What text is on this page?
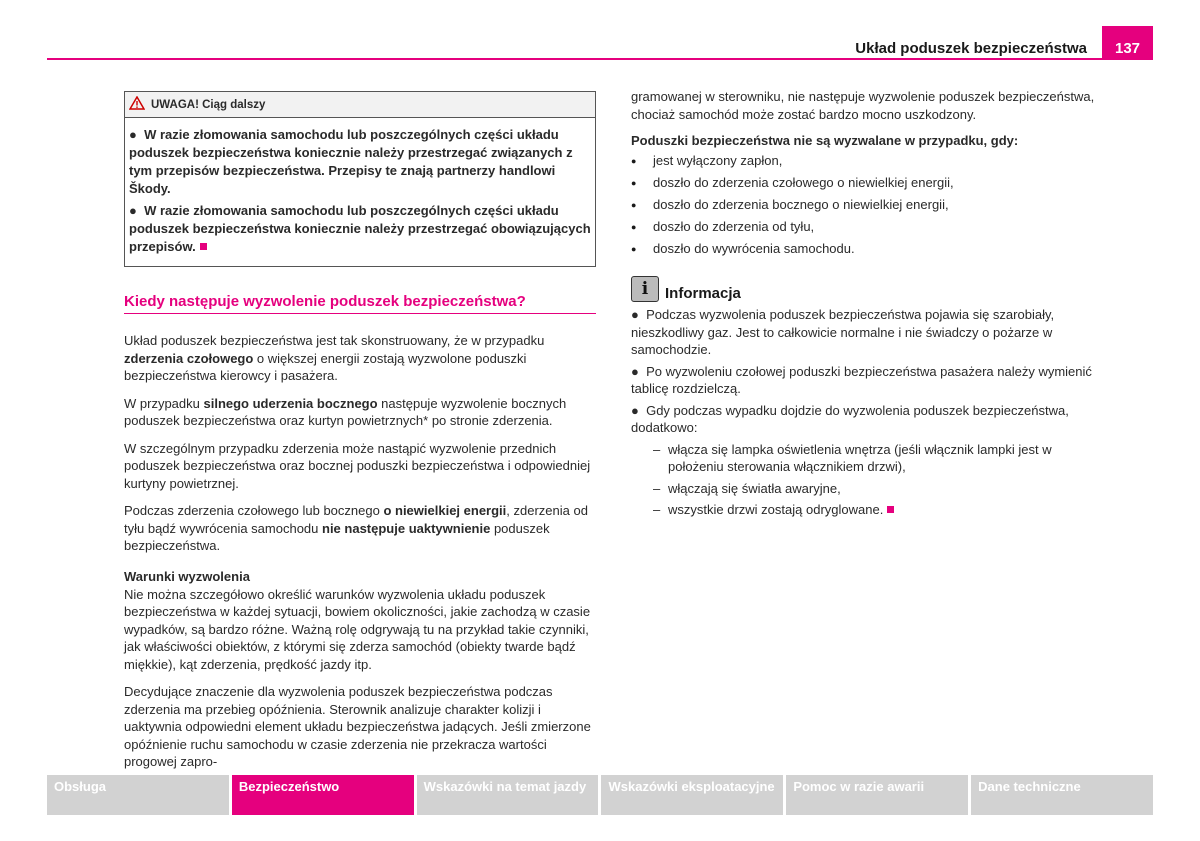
Układ poduszek bezpieczeństwa	137
UWAGA! Ciąg dalszy

●  W razie złomowania samochodu lub poszczególnych części układu poduszek bezpieczeństwa koniecznie należy przestrzegać związanych z tym przepisów bezpieczeństwa. Przepisy te znają partnerzy handlowi Škody.

●  W razie złomowania samochodu lub poszczególnych części układu poduszek bezpieczeństwa koniecznie należy przestrzegać obowiązujących przepisów.

Kiedy następuje wyzwolenie poduszek bezpieczeństwa?

Układ poduszek bezpieczeństwa jest tak skonstruowany, że w przypadku zderzenia czołowego o większej energii zostają wyzwolone poduszki bezpieczeństwa kierowcy i pasażera.

W przypadku silnego uderzenia bocznego następuje wyzwolenie bocznych poduszek bezpieczeństwa oraz kurtyn powietrznych* po stronie zderzenia.

W szczególnym przypadku zderzenia może nastąpić wyzwolenie przednich poduszek bezpieczeństwa oraz bocznej poduszki bezpieczeństwa i odpowiedniej kurtyny powietrznej.

Podczas zderzenia czołowego lub bocznego o niewielkiej energii, zderzenia od tyłu bądź wywrócenia samochodu nie następuje uaktywnienie poduszek bezpieczeństwa.

Warunki wyzwolenia

Nie można szczegółowo określić warunków wyzwolenia układu poduszek bezpieczeństwa w każdej sytuacji, bowiem okoliczności, jakie zachodzą w czasie wypadków, są bardzo różne. Ważną rolę odgrywają tu na przykład takie czynniki, jak właściwości obiektów, z którymi się zderza samochód (obiekty twarde bądź miękkie), kąt zderzenia, prędkość jazdy itp.

Decydujące znaczenie dla wyzwolenia poduszek bezpieczeństwa podczas zderzenia ma przebieg opóźnienia. Sterownik analizuje charakter kolizji i uaktywnia odpowiedni element układu bezpieczeństwa jadących. Jeśli zmierzone opóźnienie ruchu samochodu w czasie zderzenia nie przekracza wartości progowej zapro-

gramowanej w sterowniku, nie następuje wyzwolenie poduszek bezpieczeństwa, chociaż samochód może zostać bardzo mocno uszkodzony.

Poduszki bezpieczeństwa nie są wyzwalane w przypadku, gdy:
● jest wyłączony zapłon,
● doszło do zderzenia czołowego o niewielkiej energii,
● doszło do zderzenia bocznego o niewielkiej energii,
● doszło do zderzenia od tyłu,
● doszło do wywrócenia samochodu.
i	Informacja
●  Podczas wyzwolenia poduszek bezpieczeństwa pojawia się szarobiały, nieszkodliwy gaz. Jest to całkowicie normalne i nie świadczy o pożarze w samochodzie.
●  Po wyzwoleniu czołowej poduszki bezpieczeństwa pasażera należy wymienić tablicę rozdzielczą.
●  Gdy podczas wypadku dojdzie do wyzwolenia poduszek bezpieczeństwa, dodatkowo:
– włącza się lampka oświetlenia wnętrza (jeśli włącznik lampki jest w położeniu sterowania włącznikiem drzwi),
– włączają się światła awaryjne,
– wszystkie drzwi zostają odryglowane.
Obsługa	Bezpieczeństwo	Wskazówki na temat jazdy	Wskazówki eksploatacyjne	Pomoc w razie awarii	Dane techniczne
